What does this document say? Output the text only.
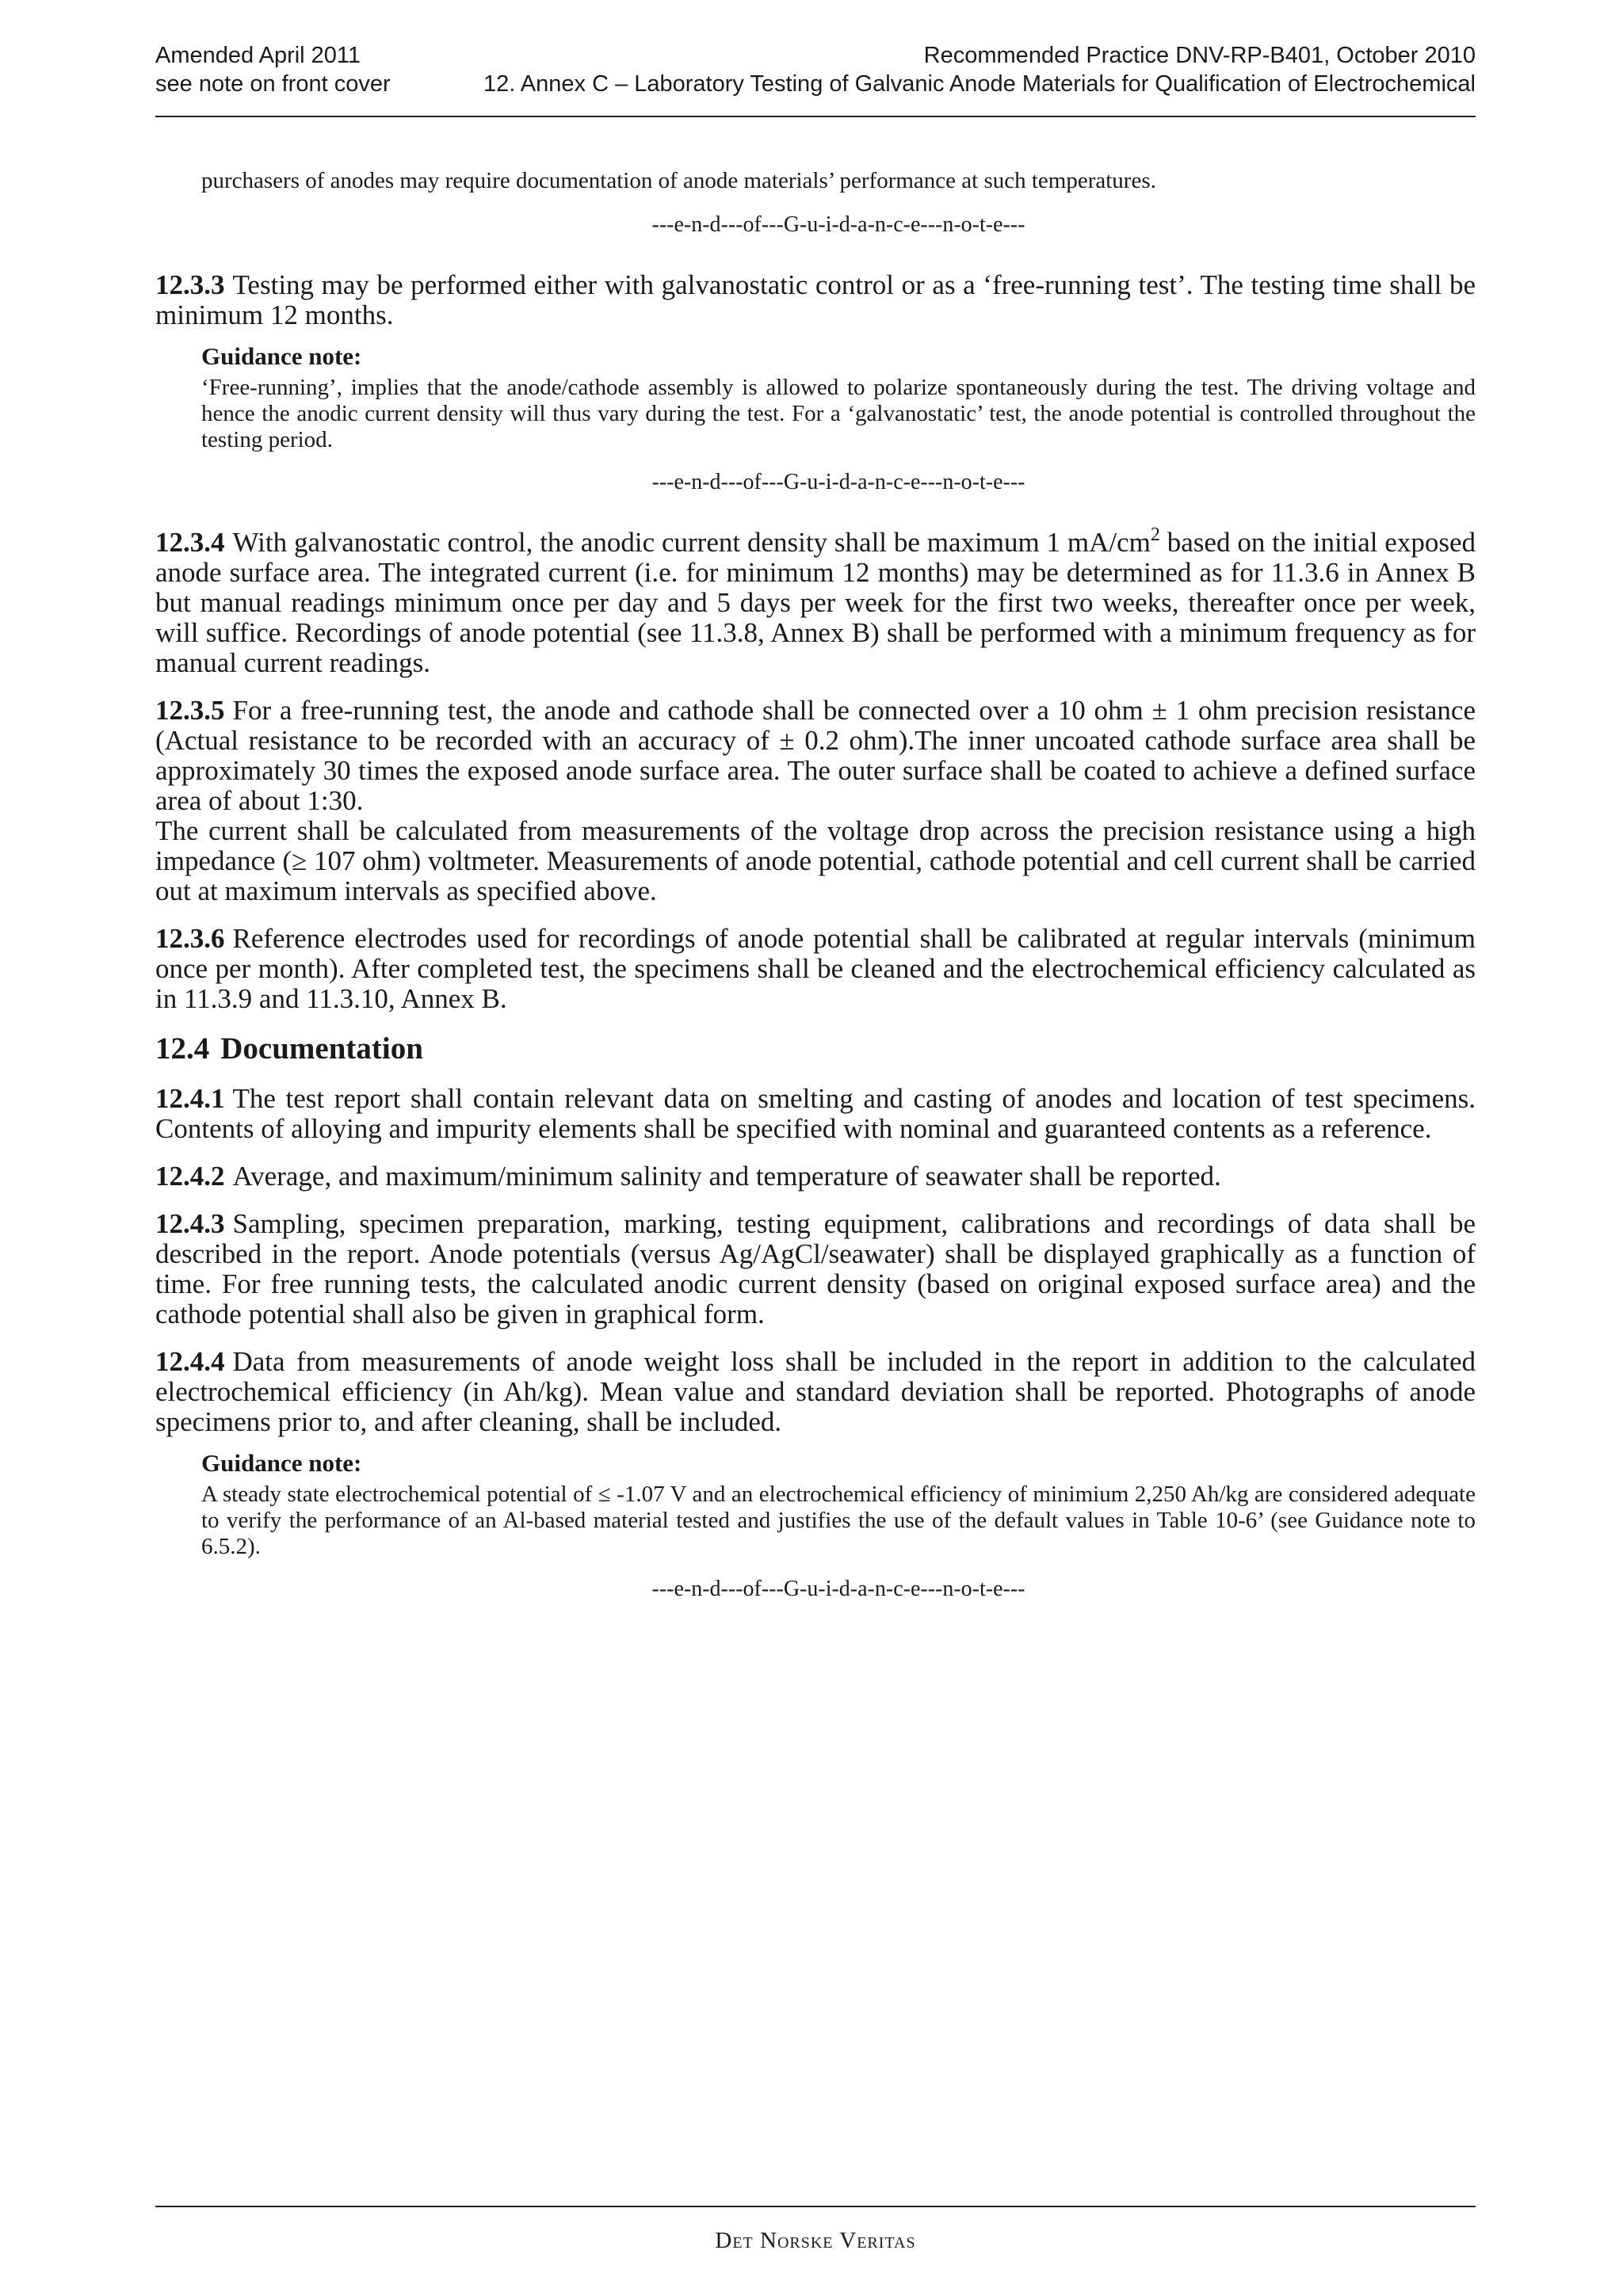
Amended April 2011	Recommended Practice DNV-RP-B401, October 2010
see note on front cover	12. Annex C – Laboratory Testing of Galvanic Anode Materials for Qualification of Electrochemical

purchasers of anodes may require documentation of anode materials’ performance at such temperatures.

---e-n-d---of---G-u-i-d-a-n-c-e---n-o-t-e---

12.3.3 Testing may be performed either with galvanostatic control or as a ‘free-running test’. The testing time shall be minimum 12 months.

Guidance note:

‘Free-running’, implies that the anode/cathode assembly is allowed to polarize spontaneously during the test. The driving voltage and hence the anodic current density will thus vary during the test. For a ‘galvanostatic’ test, the anode potential is controlled throughout the testing period.

---e-n-d---of---G-u-i-d-a-n-c-e---n-o-t-e---

12.3.4 With galvanostatic control, the anodic current density shall be maximum 1 $mA/cm^2$ based on the initial exposed anode surface area. The integrated current (i.e. for minimum 12 months) may be determined as for 11.3.6 in Annex B but manual readings minimum once per day and 5 days per week for the first two weeks, thereafter once per week, will suffice. Recordings of anode potential (see 11.3.8, Annex B) shall be performed with a minimum frequency as for manual current readings.

12.3.5 For a free-running test, the anode and cathode shall be connected over a 10 ohm ± 1 ohm precision resistance (Actual resistance to be recorded with an accuracy of ± 0.2 ohm).The inner uncoated cathode surface area shall be approximately 30 times the exposed anode surface area. The outer surface shall be coated to achieve a defined surface area of about 1:30.
The current shall be calculated from measurements of the voltage drop across the precision resistance using a high impedance (≥ 107 ohm) voltmeter. Measurements of anode potential, cathode potential and cell current shall be carried out at maximum intervals as specified above.

12.3.6 Reference electrodes used for recordings of anode potential shall be calibrated at regular intervals (minimum once per month). After completed test, the specimens shall be cleaned and the electrochemical efficiency calculated as in 11.3.9 and 11.3.10, Annex B.

12.4 Documentation

12.4.1 The test report shall contain relevant data on smelting and casting of anodes and location of test specimens. Contents of alloying and impurity elements shall be specified with nominal and guaranteed contents as a reference.

12.4.2 Average, and maximum/minimum salinity and temperature of seawater shall be reported.

12.4.3 Sampling, specimen preparation, marking, testing equipment, calibrations and recordings of data shall be described in the report. Anode potentials (versus Ag/AgCl/seawater) shall be displayed graphically as a function of time. For free running tests, the calculated anodic current density (based on original exposed surface area) and the cathode potential shall also be given in graphical form.

12.4.4 Data from measurements of anode weight loss shall be included in the report in addition to the calculated electrochemical efficiency (in Ah/kg). Mean value and standard deviation shall be reported. Photographs of anode specimens prior to, and after cleaning, shall be included.

Guidance note:

A steady state electrochemical potential of ≤ -1.07 V and an electrochemical efficiency of minimium 2,250 Ah/kg are considered adequate to verify the performance of an Al-based material tested and justifies the use of the default values in Table 10-6’ (see Guidance note to 6.5.2).

---e-n-d---of---G-u-i-d-a-n-c-e---n-o-t-e---
Det Norske Veritas
